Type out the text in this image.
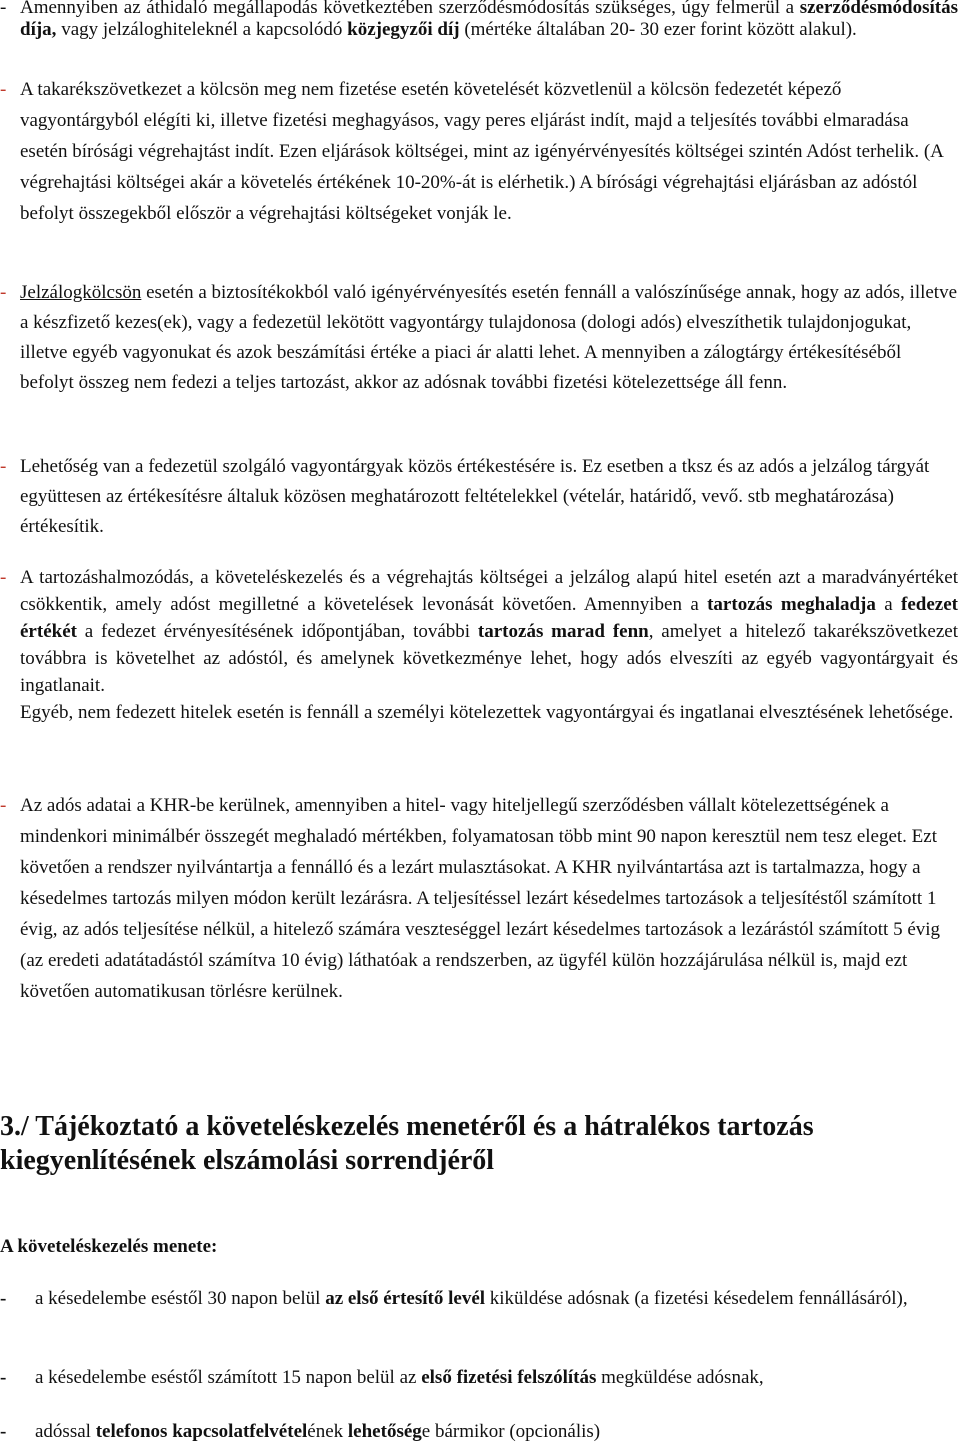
- Amennyiben az áthidaló megállapodás következtében szerződésmódosítás szükséges, úgy felmerül a szerződésmódosítás díja, vagy jelzáloghiteleknél a kapcsolódó közjegyzői díj (mértéke általában 20- 30 ezer forint között alakul).
- A takarékszövetkezet a kölcsön meg nem fizetése esetén követelését közvetlenül a kölcsön fedezetét képező vagyontárgyból elégíti ki, illetve fizetési meghagyásos, vagy peres eljárást indít, majd a teljesítés további elmaradása esetén bírósági végrehajtást indít. Ezen eljárások költségei, mint az igényérvényesítés költségei szintén Adóst terhelik. (A végrehajtási költségei akár a követelés értékének 10-20%-át is elérhetik.) A bírósági végrehajtási eljárásban az adóstól befolyt összegekből először a végrehajtási költségeket vonják le.
- Jelzálogkölcsön esetén a biztosítékokból való igényérvényesítés esetén fennáll a valószínűsége annak, hogy az adós, illetve a készfizető kezes(ek), vagy a fedezetül lekötött vagyontárgy tulajdonosa (dologi adós) elveszíthetik tulajdonjogukat, illetve egyéb vagyonukat és azok beszámítási értéke a piaci ár alatti lehet. A mennyiben a zálogtárgy értékesítéséből befolyt összeg nem fedezi a teljes tartozást, akkor az adósnak további fizetési kötelezettsége áll fenn.
- Lehetőség van a fedezetül szolgáló vagyontárgyak közös értékestésére is. Ez esetben a tksz és az adós a jelzálog tárgyát együttesen az értékesítésre általuk közösen meghatározott feltételekkel (vételár, határidő, vevő. stb meghatározása) értékesítik.
- A tartozáshalmozódás, a követeléskezelés és a végrehajtás költségei a jelzálog alapú hitel esetén azt a maradványértéket csökkentik, amely adóst megilletné a követelések levonását követően. Amennyiben a tartozás meghaladja a fedezet értékét a fedezet érvényesítésének időpontjában, további tartozás marad fenn, amelyet a hitelező takarékszövetkezet továbbra is követelhet az adóstól, és amelynek következménye lehet, hogy adós elveszíti az egyéb vagyontárgyait és ingatlanait.
Egyéb, nem fedezett hitelek esetén is fennáll a személyi kötelezettek vagyontárgyai és ingatlanai elvesztésének lehetősége.
- Az adós adatai a KHR-be kerülnek, amennyiben a hitel- vagy hiteljellegű szerződésben vállalt kötelezettségének a mindenkori minimálbér összegét meghaladó mértékben, folyamatosan több mint 90 napon keresztül nem tesz eleget. Ezt követően a rendszer nyilvántartja a fennálló és a lezárt mulasztásokat. A KHR nyilvántartása azt is tartalmazza, hogy a késedelmes tartozás milyen módon került lezárásra. A teljesítéssel lezárt késedelmes tartozások a teljesítéstől számított 1 évig, az adós teljesítése nélkül, a hitelező számára veszteséggel lezárt késedelmes tartozások a lezárástól számított 5 évig (az eredeti adatátadástól számítva 10 évig) láthatóak a rendszerben, az ügyfél külön hozzájárulása nélkül is, majd ezt követően automatikusan törlésre kerülnek.
3./ Tájékoztató a követeléskezelés menetéről és a hátralékos tartozás
kiegyenlítésének elszámolási sorrendjéről
A követeléskezelés menete:
-	a késedelembe eséstől 30 napon belül az első értesítő levél kiküldése adósnak (a fizetési késedelem fennállásáról),
-	a késedelembe eséstől számított 15 napon belül az első fizetési felszólítás megküldése adósnak,
-	adóssal telefonos kapcsolatfelvételének lehetősége bármikor (opcionális)
